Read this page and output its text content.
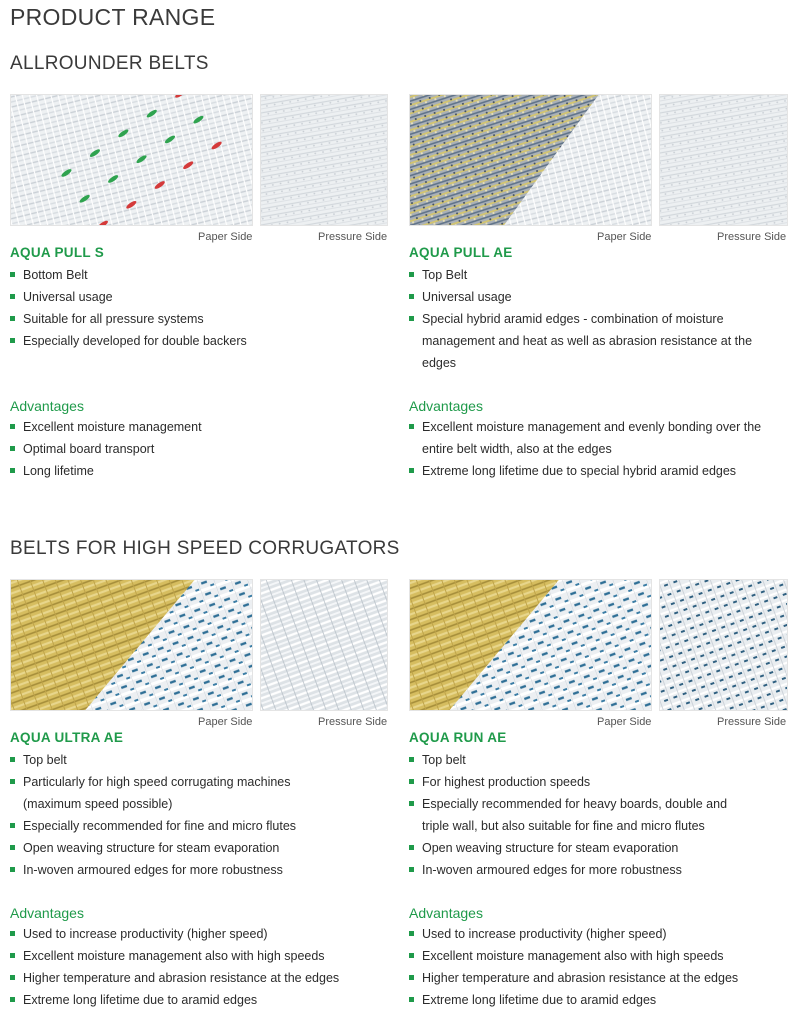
PRODUCT RANGE
ALLROUNDER BELTS
Paper Side	Pressure Side
AQUA PULL S
Bottom Belt
Universal usage
Suitable for all pressure systems
Especially developed for double backers
Advantages
Excellent moisture management
Optimal board transport
Long lifetime
Paper Side	Pressure Side
AQUA PULL AE
Top Belt
Universal usage
Special hybrid aramid edges - combination of moisture management and heat as well as abrasion resistance at the edges
Advantages
Excellent moisture management and evenly bonding over the entire belt width, also at the edges
Extreme long lifetime due to special hybrid aramid edges
BELTS FOR HIGH SPEED CORRUGATORS
Paper Side	Pressure Side
AQUA ULTRA AE
Top belt
Particularly for high speed corrugating machines (maximum speed possible)
Especially recommended for fine and micro flutes
Open weaving structure for steam evaporation
In-woven armoured edges for more robustness
Advantages
Used to increase productivity (higher speed)
Excellent moisture management also with high speeds
Higher temperature and abrasion resistance at the edges
Extreme long lifetime due to aramid edges
Paper Side	Pressure Side
AQUA RUN AE
Top belt
For highest production speeds
Especially recommended for heavy boards, double and triple wall, but also suitable for fine and micro flutes
Open weaving structure for steam evaporation
In-woven armoured edges for more robustness
Advantages
Used to increase productivity (higher speed)
Excellent moisture management also with high speeds
Higher temperature and abrasion resistance at the edges
Extreme long lifetime due to aramid edges
